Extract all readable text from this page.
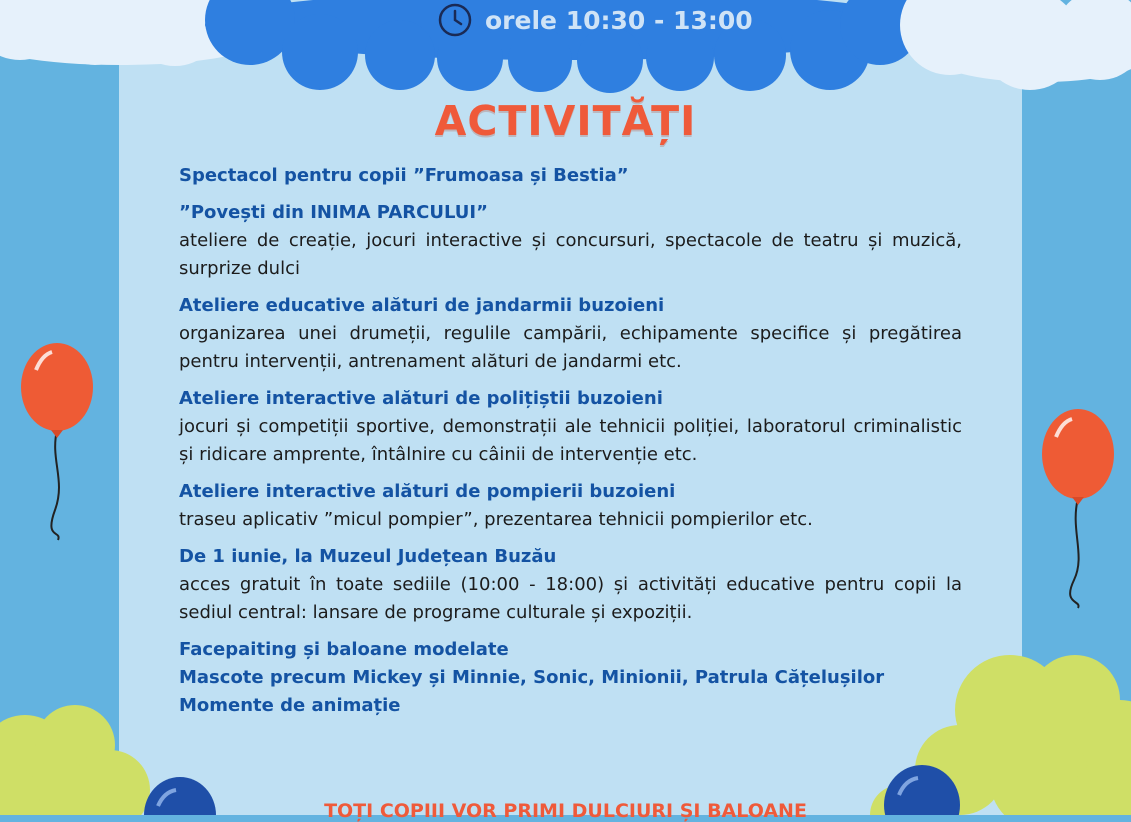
orele 10:30 - 13:00
ACTIVITĂȚI
Spectacol pentru copii ”Frumoasa și Bestia”
”Povești din INIMA PARCULUI”
ateliere de creație, jocuri interactive și concursuri, spectacole de teatru și muzică, surprize dulci
Ateliere educative alături de jandarmii buzoieni
organizarea unei drumeții, regulile campării, echipamente specifice și pregătirea pentru intervenții, antrenament alături de jandarmi etc.
Ateliere interactive alături de polițiștii buzoieni
jocuri și competiții sportive, demonstrații ale tehnicii poliției, laboratorul criminalistic și ridicare amprente, întâlnire cu câinii de intervenție etc.
Ateliere interactive alături de pompierii buzoieni
traseu aplicativ ”micul pompier”, prezentarea tehnicii pompierilor etc.
De 1 iunie, la Muzeul Județean Buzău
acces gratuit în toate sediile (10:00 - 18:00) și activități educative pentru copii la sediul central: lansare de programe culturale și expoziții.
Facepaiting și baloane modelate
Mascote precum Mickey și Minnie, Sonic, Minionii, Patrula Cățelușilor
Momente de animație
TOȚI COPIII VOR PRIMI DULCIURI ȘI BALOANE
